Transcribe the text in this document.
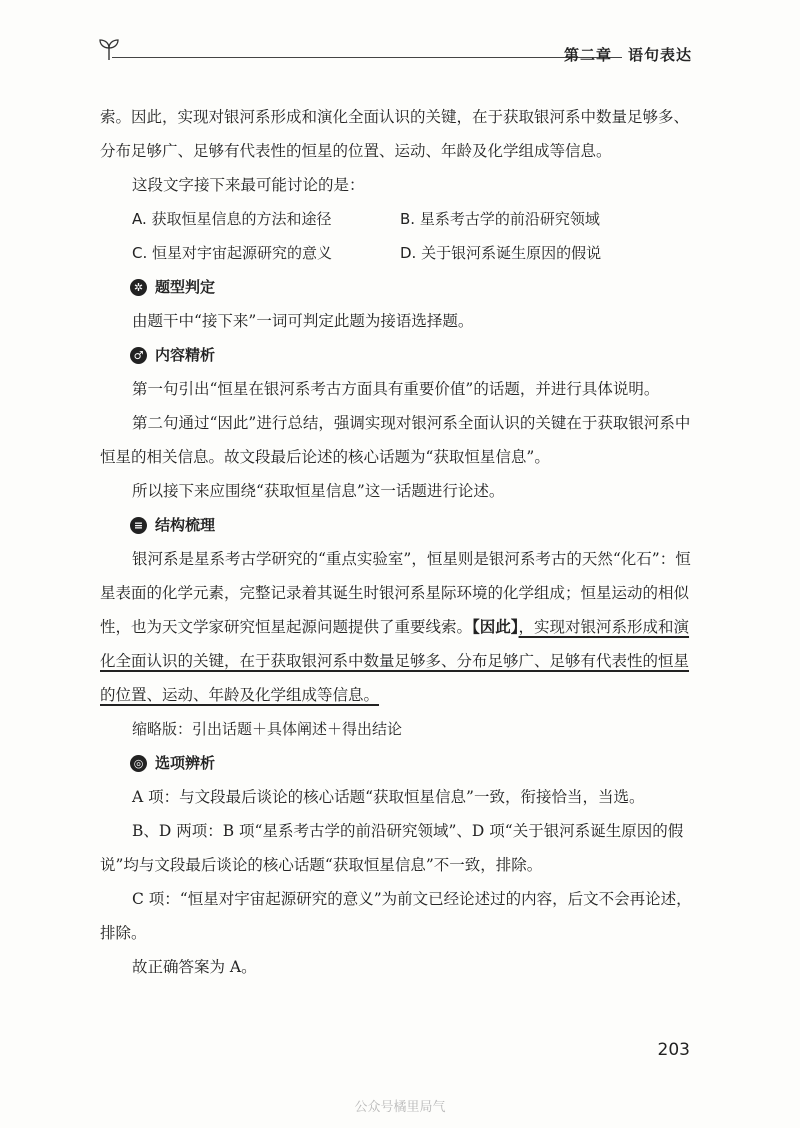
第二章　语句表达

索。因此，实现对银河系形成和演化全面认识的关键，在于获取银河系中数量足够多、

分布足够广、足够有代表性的恒星的位置、运动、年龄及化学组成等信息。

这段文字接下来最可能讨论的是：

A. 获取恒星信息的方法和途径	B. 星系考古学的前沿研究领域
C. 恒星对宇宙起源研究的意义	D. 关于银河系诞生原因的假说
✲ 题型判定

由题干中“接下来”一词可判定此题为接语选择题。

♂ 内容精析

第一句引出“恒星在银河系考古方面具有重要价值”的话题，并进行具体说明。

第二句通过“因此”进行总结，强调实现对银河系全面认识的关键在于获取银河系中恒星的相关信息。故文段最后论述的核心话题为“获取恒星信息”。

所以接下来应围绕“获取恒星信息”这一话题进行论述。

≡ 结构梳理

银河系是星系考古学研究的“重点实验室”，恒星则是银河系考古的天然“化石”：恒星表面的化学元素，完整记录着其诞生时银河系星际环境的化学组成；恒星运动的相似性，也为天文学家研究恒星起源问题提供了重要线索。【因此】，实现对银河系形成和演化全面认识的关键，在于获取银河系中数量足够多、分布足够广、足够有代表性的恒星的位置、运动、年龄及化学组成等信息。

缩略版：引出话题＋具体阐述＋得出结论

◎ 选项辨析

A 项：与文段最后谈论的核心话题“获取恒星信息”一致，衔接恰当，当选。

B、D 两项：B 项“星系考古学的前沿研究领域”、D 项“关于银河系诞生原因的假说”均与文段最后谈论的核心话题“获取恒星信息”不一致，排除。

C 项：“恒星对宇宙起源研究的意义”为前文已经论述过的内容，后文不会再论述，排除。

故正确答案为 A。

203
公众号橘里局气
